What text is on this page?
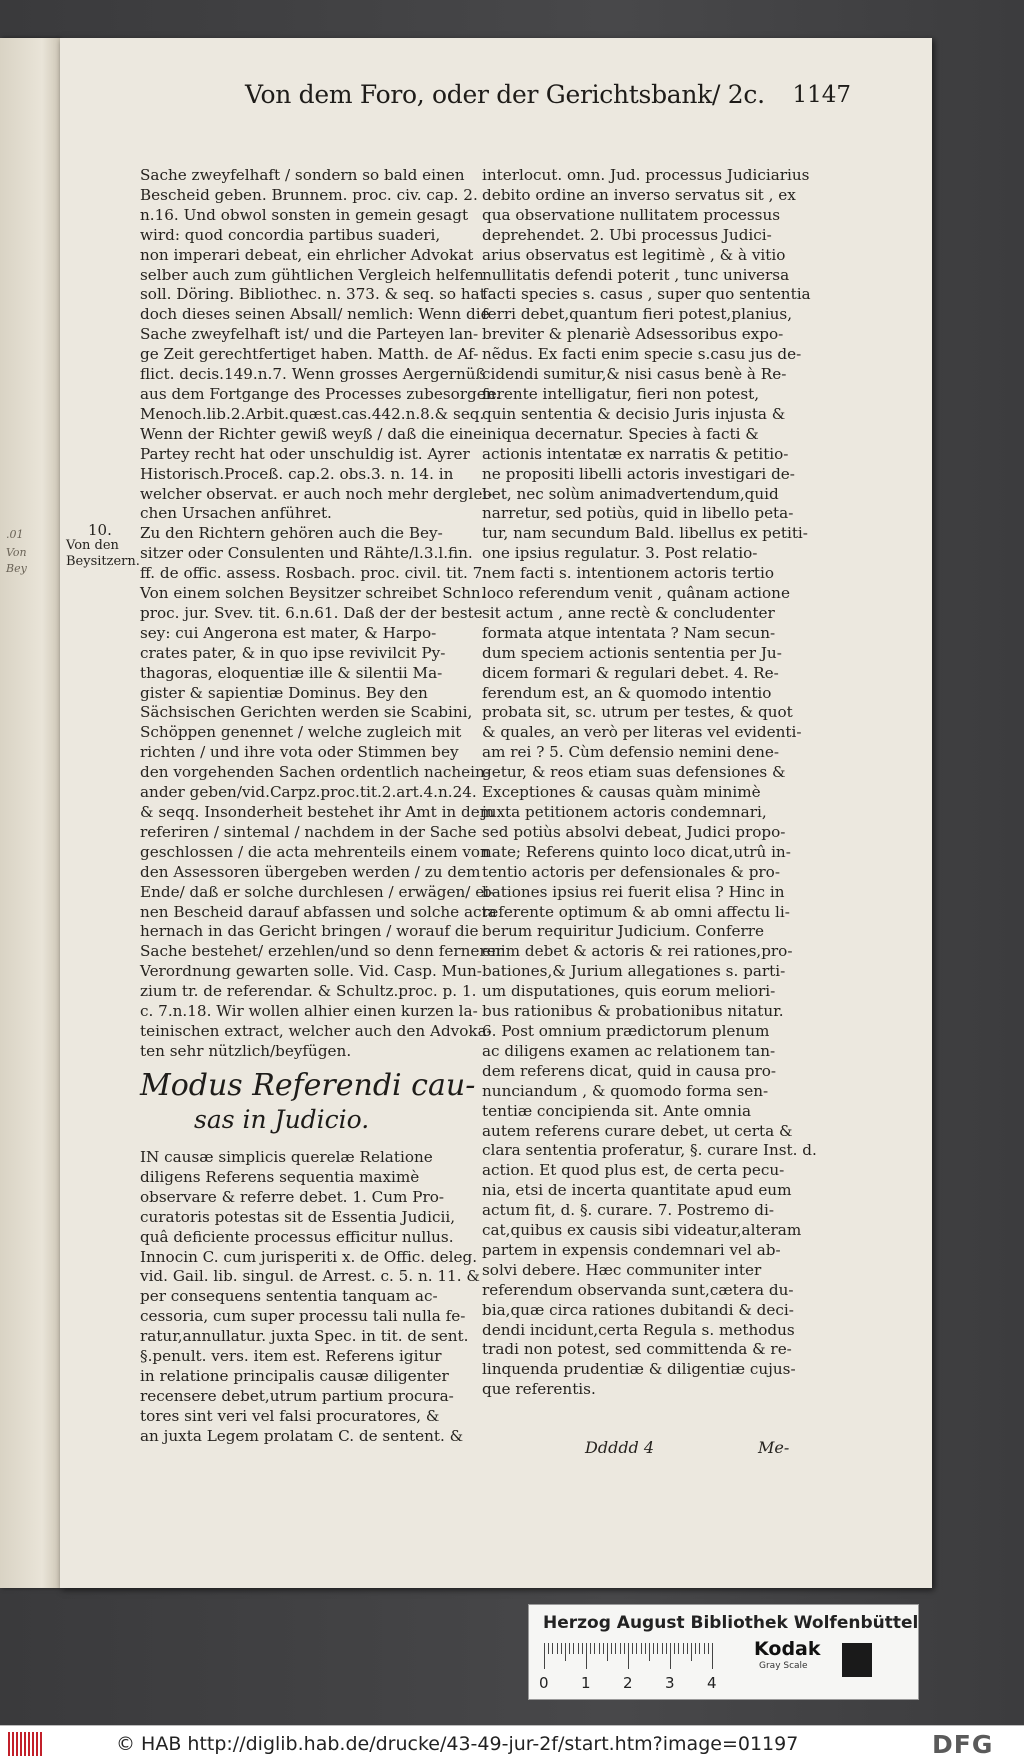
.01
Von
Bey
Von dem Foro, oder der Gerichtsbank/ 2c. 1147

Sache zweyfelhaft / sondern so bald einen

Bescheid geben. Brunnem. proc. civ. cap. 2.

n.16. Und obwol sonsten in gemein gesagt

wird: quod concordia partibus suaderi,

non imperari debeat, ein ehrlicher Advokat

selber auch zum gühtlichen Vergleich helfen

soll. Döring. Bibliothec. n. 373. & seq. so hat

doch dieses seinen Absall/ nemlich: Wenn die

Sache zweyfelhaft ist/ und die Parteyen lan-

ge Zeit gerechtfertiget haben. Matth. de Af-

flict. decis.149.n.7. Wenn grosses Aergernüß

aus dem Fortgange des Processes zubesorgen.

Menoch.lib.2.Arbit.quæst.cas.442.n.8.& seq.

Wenn der Richter gewiß weyß / daß die eine

Partey recht hat oder unschuldig ist. Ayrer

Historisch.Proceß. cap.2. obs.3. n. 14. in

welcher observat. er auch noch mehr derglei-

chen Ursachen anführet.

Zu den Richtern gehören auch die Bey-

sitzer oder Consulenten und Rähte/l.3.l.fin.

ff. de offic. assess. Rosbach. proc. civil. tit. 7.

Von einem solchen Beysitzer schreibet Schn.

proc. jur. Svev. tit. 6.n.61. Daß der der beste

sey: cui Angerona est mater, & Harpo-

crates pater, & in quo ipse revivilcit Py-

thagoras, eloquentiæ ille & silentii Ma-

gister & sapientiæ Dominus. Bey den

Sächsischen Gerichten werden sie Scabini,

Schöppen genennet / welche zugleich mit

richten / und ihre vota oder Stimmen bey

den vorgehenden Sachen ordentlich nachein-

ander geben/vid.Carpz.proc.tit.2.art.4.n.24.

& seqq. Insonderheit bestehet ihr Amt in dem

referiren / sintemal / nachdem in der Sache

geschlossen / die acta mehrenteils einem von

den Assessoren übergeben werden / zu dem

Ende/ daß er solche durchlesen / erwägen/ ei-

nen Bescheid darauf abfassen und solche acta

hernach in das Gericht bringen / worauf die

Sache bestehet/ erzehlen/und so denn fernerer

Verordnung gewarten solle. Vid. Casp. Mun-

zium tr. de referendar. & Schultz.proc. p. 1.

c. 7.n.18. Wir wollen alhier einen kurzen la-

teinischen extract, welcher auch den Advoka-

ten sehr nützlich/beyfügen.

10.
Von den
Beysitzern.
Modus Referendi cau-
sas in Judicio.

IN causæ simplicis querelæ Relatione

diligens Referens sequentia maximè

observare & referre debet. 1. Cum Pro-

curatoris potestas sit de Essentia Judicii,

quâ deficiente processus efficitur nullus.

Innocin C. cum jurisperiti x. de Offic. deleg.

vid. Gail. lib. singul. de Arrest. c. 5. n. 11. &

per consequens sententia tanquam ac-

cessoria, cum super processu tali nulla fe-

ratur,annullatur. juxta Spec. in tit. de sent.

§.penult. vers. item est. Referens igitur

in relatione principalis causæ diligenter

recensere debet,utrum partium procura-

tores sint veri vel falsi procuratores, &

an juxta Legem prolatam C. de sentent. &

interlocut. omn. Jud. processus Judiciarius

debito ordine an inverso servatus sit , ex

qua observatione nullitatem processus

deprehendet. 2. Ubi processus Judici-

arius observatus est legitimè , & à vitio

nullitatis defendi poterit , tunc universa

facti species s. casus , super quo sententia

ferri debet,quantum fieri potest,planius,

breviter & plenariè Adsessoribus expo-

nẽdus. Ex facti enim specie s.casu jus de-

cidendi sumitur,& nisi casus benè à Re-

ferente intelligatur, fieri non potest,

quin sententia & decisio Juris injusta &

iniqua decernatur. Species à facti &

actionis intentatæ ex narratis & petitio-

ne propositi libelli actoris investigari de-

bet, nec solùm animadvertendum,quid

narretur, sed potiùs, quid in libello peta-

tur, nam secundum Bald. libellus ex petiti-

one ipsius regulatur. 3. Post relatio-

nem facti s. intentionem actoris tertio

loco referendum venit , quânam actione

sit actum , anne rectè & concludenter

formata atque intentata ? Nam secun-

dum speciem actionis sententia per Ju-

dicem formari & regulari debet. 4. Re-

ferendum est, an & quomodo intentio

probata sit, sc. utrum per testes, & quot

& quales, an verò per literas vel evidenti-

am rei ? 5. Cùm defensio nemini dene-

getur, & reos etiam suas defensiones &

Exceptiones & causas quàm minimè

juxta petitionem actoris condemnari,

sed potiùs absolvi debeat, Judici propo-

nate; Referens quinto loco dicat,utrû in-

tentio actoris per defensionales & pro-

bationes ipsius rei fuerit elisa ? Hinc in

referente optimum & ab omni affectu li-

berum requiritur Judicium. Conferre

enim debet & actoris & rei rationes,pro-

bationes,& Jurium allegationes s. parti-

um disputationes, quis eorum meliori-

bus rationibus & probationibus nitatur.

6. Post omnium prædictorum plenum

ac diligens examen ac relationem tan-

dem referens dicat, quid in causa pro-

nunciandum , & quomodo forma sen-

tentiæ concipienda sit. Ante omnia

autem referens curare debet, ut certa &

clara sententia proferatur, §. curare Inst. d.

action. Et quod plus est, de certa pecu-

nia, etsi de incerta quantitate apud eum

actum fit, d. §. curare. 7. Postremo di-

cat,quibus ex causis sibi videatur,alteram

partem in expensis condemnari vel ab-

solvi debere. Hæc communiter inter

referendum observanda sunt,cætera du-

bia,quæ circa rationes dubitandi & deci-

dendi incidunt,certa Regula s. methodus

tradi non potest, sed committenda & re-

linquenda prudentiæ & diligentiæ cujus-

que referentis.

Ddddd 4	Me-
Herzog August Bibliothek Wolfenbüttel
0 1 2 3 4
Kodak
Gray Scale
© HAB http://diglib.hab.de/drucke/43-49-jur-2f/start.htm?image=01197	DFG
